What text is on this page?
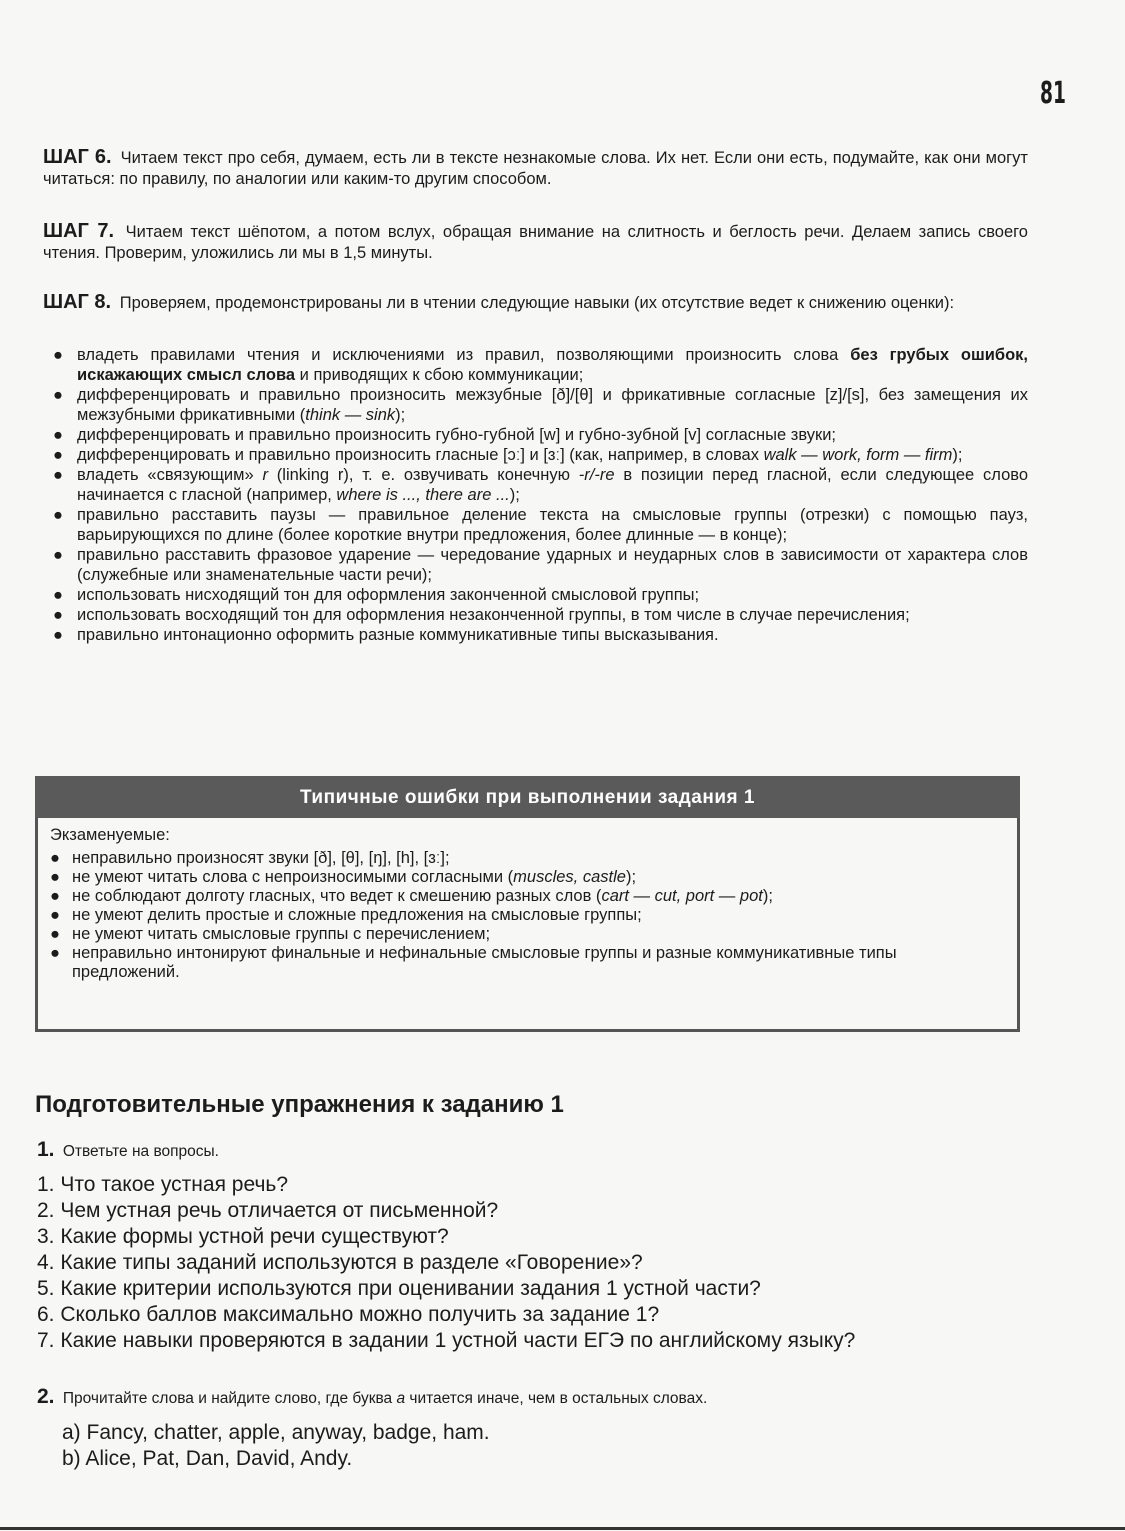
81

ШАГ 6. Читаем текст про себя, думаем, есть ли в тексте незнакомые слова. Их нет. Если они есть, подумайте, как они могут читаться: по правилу, по аналогии или каким-то другим способом.

ШАГ 7. Читаем текст шёпотом, а потом вслух, обращая внимание на слитность и беглость речи. Делаем запись своего чтения. Проверим, уложились ли мы в 1,5 минуты.

ШАГ 8. Проверяем, продемонстрированы ли в чтении следующие навыки (их отсутствие ведет к снижению оценки):

● владеть правилами чтения и исключениями из правил, позволяющими произносить слова без грубых ошибок, искажающих смысл слова и приводящих к сбою коммуникации;
● дифференцировать и правильно произносить межзубные [ð]/[θ] и фрикативные согласные [z]/[s], без замещения их межзубными фрикативными (think — sink);
● дифференцировать и правильно произносить губно-губной [w] и губно-зубной [v] согласные звуки;
● дифференцировать и правильно произносить гласные [ɔː] и [ɜː] (как, например, в словах walk — work, form — firm);
● владеть «связующим» r (linking r), т. е. озвучивать конечную -r/-re в позиции перед гласной, если следующее слово начинается с гласной (например, where is ..., there are ...);
● правильно расставить паузы — правильное деление текста на смысловые группы (отрезки) с помощью пауз, варьирующихся по длине (более короткие внутри предложения, более длинные — в конце);
● правильно расставить фразовое ударение — чередование ударных и неударных слов в зависимости от характера слов (служебные или знаменательные части речи);
● использовать нисходящий тон для оформления законченной смысловой группы;
● использовать восходящий тон для оформления незаконченной группы, в том числе в случае перечисления;
● правильно интонационно оформить разные коммуникативные типы высказывания.
Типичные ошибки при выполнении задания 1
Экзаменуемые:
● неправильно произносят звуки [ð], [θ], [ŋ], [h], [ɜː];
● не умеют читать слова с непроизносимыми согласными (muscles, castle);
● не соблюдают долготу гласных, что ведет к смешению разных слов (cart — cut, port — pot);
● не умеют делить простые и сложные предложения на смысловые группы;
● не умеют читать смысловые группы с перечислением;
● неправильно интонируют финальные и нефинальные смысловые группы и разные коммуникативные типы предложений.
Подготовительные упражнения к заданию 1
1. Ответьте на вопросы.
1. Что такое устная речь?
2. Чем устная речь отличается от письменной?
3. Какие формы устной речи существуют?
4. Какие типы заданий используются в разделе «Говорение»?
5. Какие критерии используются при оценивании задания 1 устной части?
6. Сколько баллов максимально можно получить за задание 1?
7. Какие навыки проверяются в задании 1 устной части ЕГЭ по английскому языку?
2. Прочитайте слова и найдите слово, где буква a читается иначе, чем в остальных словах.
a) Fancy, chatter, apple, anyway, badge, ham.
b) Alice, Pat, Dan, David, Andy.
